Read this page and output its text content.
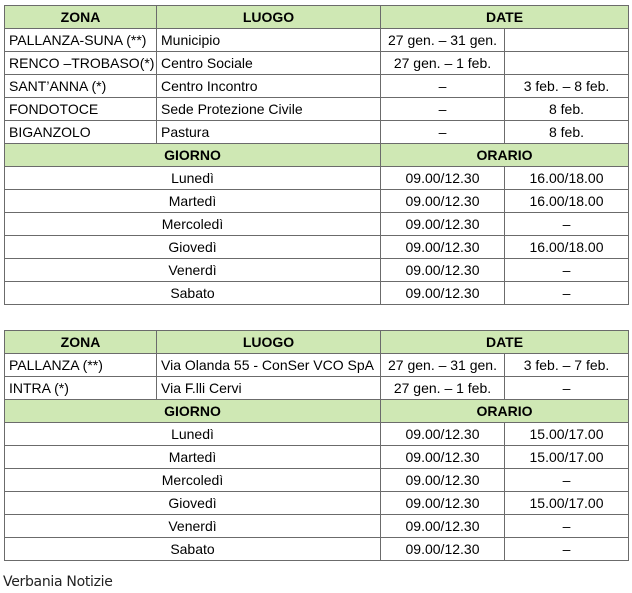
ZONA	LUOGO	DATE	
PALLANZA-SUNA (**)	Municipio	27 gen. – 31 gen.	
RENCO –TROBASO(*)	Centro Sociale	27 gen. – 1 feb.	
SANT’ANNA (*)	Centro Incontro	–	3 feb. – 8 feb.
FONDOTOCE	Sede Protezione Civile	–	8 feb.
BIGANZOLO	Pastura	–	8 feb.
GIORNO		ORARIO	
Lunedì		09.00/12.30	16.00/18.00
Martedì		09.00/12.30	16.00/18.00
Mercoledì		09.00/12.30	–
Giovedì		09.00/12.30	16.00/18.00
Venerdì		09.00/12.30	–
Sabato		09.00/12.30	–
ZONA	LUOGO	DATE	
PALLANZA (**)	Via Olanda 55 - ConSer VCO SpA	27 gen. – 31 gen.	3 feb. – 7 feb.
INTRA (*)	Via F.lli Cervi	27 gen. – 1 feb.	–
GIORNO		ORARIO	
Lunedì		09.00/12.30	15.00/17.00
Martedì		09.00/12.30	15.00/17.00
Mercoledì		09.00/12.30	–
Giovedì		09.00/12.30	15.00/17.00
Venerdì		09.00/12.30	–
Sabato		09.00/12.30	–
Verbania Notizie
